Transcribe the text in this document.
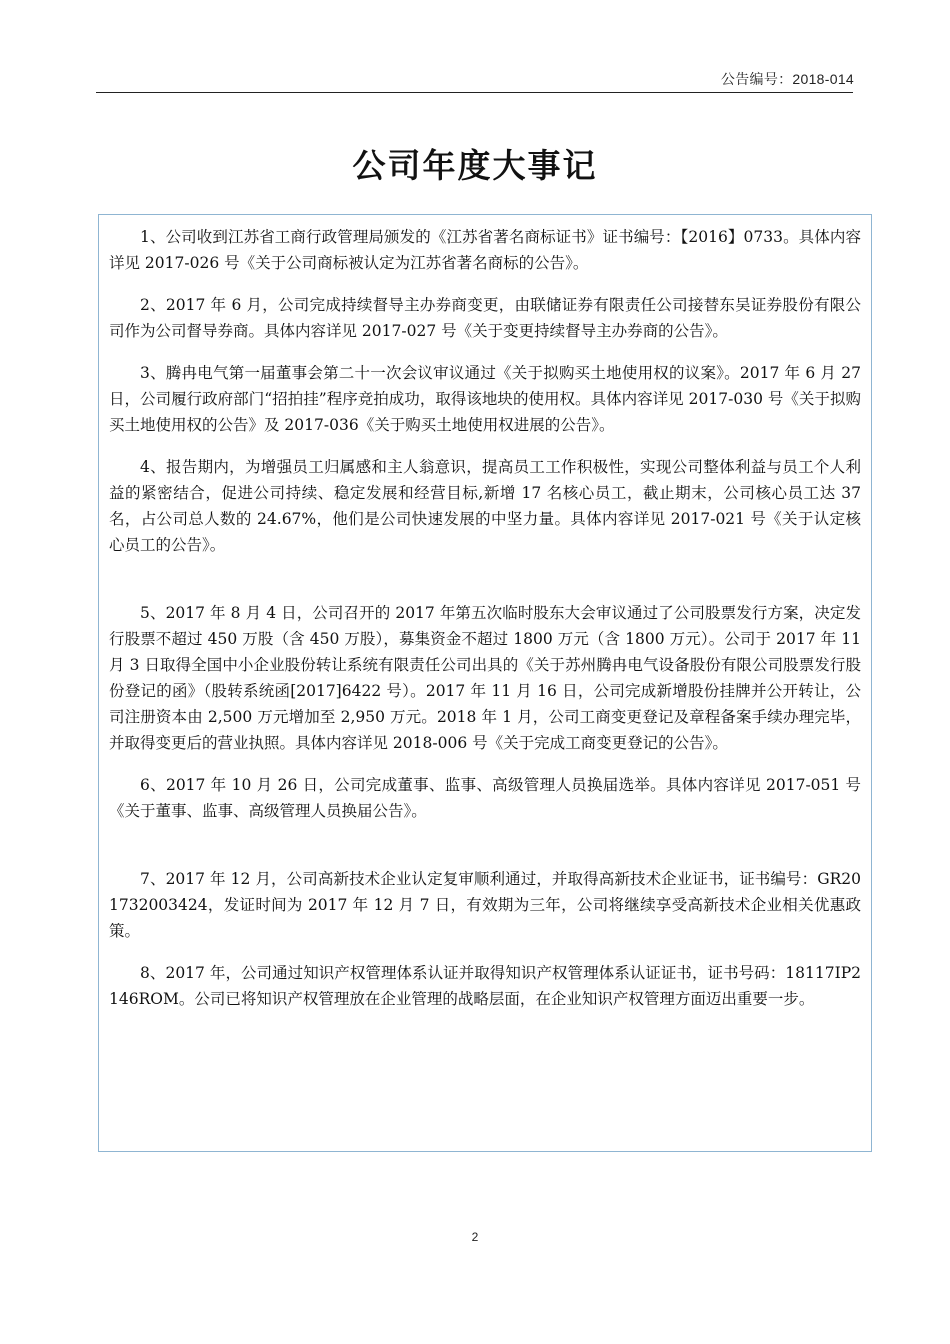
公告编号：2018-014
公司年度大事记

1、公司收到江苏省工商行政管理局颁发的《江苏省著名商标证书》证书编号：【2016】0733。具体内容详见 2017-026 号《关于公司商标被认定为江苏省著名商标的公告》。

2、2017 年 6 月，公司完成持续督导主办券商变更，由联储证券有限责任公司接替东吴证券股份有限公司作为公司督导券商。具体内容详见 2017-027 号《关于变更持续督导主办券商的公告》。

3、腾冉电气第一届董事会第二十一次会议审议通过《关于拟购买土地使用权的议案》。2017 年 6 月 27 日，公司履行政府部门“招拍挂”程序竞拍成功，取得该地块的使用权。具体内容详见 2017-030 号《关于拟购买土地使用权的公告》及 2017-036《关于购买土地使用权进展的公告》。

4、报告期内，为增强员工归属感和主人翁意识，提高员工工作积极性，实现公司整体利益与员工个人利益的紧密结合，促进公司持续、稳定发展和经营目标,新增 17 名核心员工，截止期末，公司核心员工达 37 名，占公司总人数的 24.67%，他们是公司快速发展的中坚力量。具体内容详见 2017-021 号《关于认定核心员工的公告》。

5、2017 年 8 月 4 日，公司召开的 2017 年第五次临时股东大会审议通过了公司股票发行方案，决定发行股票不超过 450 万股（含 450 万股），募集资金不超过 1800 万元（含 1800 万元）。公司于 2017 年 11 月 3 日取得全国中小企业股份转让系统有限责任公司出具的《关于苏州腾冉电气设备股份有限公司股票发行股份登记的函》（股转系统函[2017]6422 号）。2017 年 11 月 16 日，公司完成新增股份挂牌并公开转让，公司注册资本由 2,500 万元增加至 2,950 万元。2018 年 1 月，公司工商变更登记及章程备案手续办理完毕，并取得变更后的营业执照。具体内容详见 2018-006 号《关于完成工商变更登记的公告》。

6、2017 年 10 月 26 日，公司完成董事、监事、高级管理人员换届选举。具体内容详见 2017-051 号《关于董事、监事、高级管理人员换届公告》。

7、2017 年 12 月，公司高新技术企业认定复审顺利通过，并取得高新技术企业证书，证书编号：GR201732003424，发证时间为 2017 年 12 月 7 日，有效期为三年，公司将继续享受高新技术企业相关优惠政策。

8、2017 年，公司通过知识产权管理体系认证并取得知识产权管理体系认证证书，证书号码：18117IP2146ROM。公司已将知识产权管理放在企业管理的战略层面，在企业知识产权管理方面迈出重要一步。

2
